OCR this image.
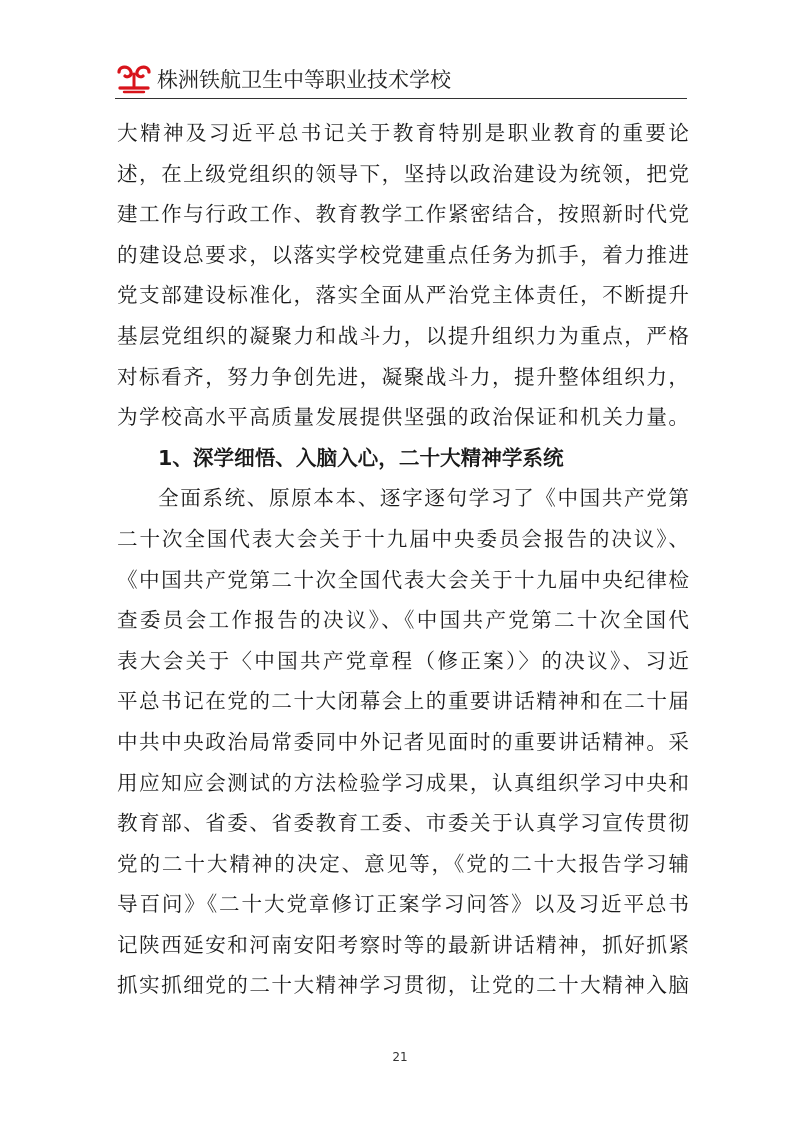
株洲铁航卫生中等职业技术学校
大精神及习近平总书记关于教育特别是职业教育的重要论
述，在上级党组织的领导下，坚持以政治建设为统领，把党
建工作与行政工作、教育教学工作紧密结合，按照新时代党
的建设总要求，以落实学校党建重点任务为抓手，着力推进
党支部建设标准化，落实全面从严治党主体责任，不断提升
基层党组织的凝聚力和战斗力，以提升组织力为重点，严格
对标看齐，努力争创先进，凝聚战斗力，提升整体组织力，
为学校高水平高质量发展提供坚强的政治保证和机关力量。
1、深学细悟、入脑入心，二十大精神学系统
全面系统、原原本本、逐字逐句学习了《中国共产党第
二十次全国代表大会关于十九届中央委员会报告的决议》、
《中国共产党第二十次全国代表大会关于十九届中央纪律检
查委员会工作报告的决议》、《中国共产党第二十次全国代
表大会关于〈中国共产党章程（修正案）〉的决议》、习近
平总书记在党的二十大闭幕会上的重要讲话精神和在二十届
中共中央政治局常委同中外记者见面时的重要讲话精神。采
用应知应会测试的方法检验学习成果，认真组织学习中央和
教育部、省委、省委教育工委、市委关于认真学习宣传贯彻
党的二十大精神的决定、意见等，《党的二十大报告学习辅
导百问》《二十大党章修订正案学习问答》以及习近平总书
记陕西延安和河南安阳考察时等的最新讲话精神，抓好抓紧
抓实抓细党的二十大精神学习贯彻，让党的二十大精神入脑
21
